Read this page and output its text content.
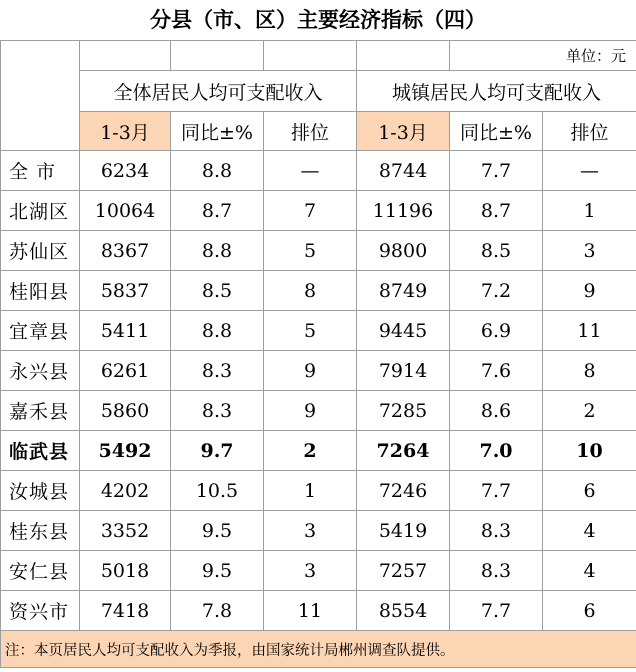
分县（市、区）主要经济指标（四）
					单位：元	
	全体居民人均可支配收入			城镇居民人均可支配收入		
	1-3月	同比±%	排位	1-3月	同比±%	排位
全 市	6234	8.8	—	8744	7.7	—
北湖区	10064	8.7	7	11196	8.7	1
苏仙区	8367	8.8	5	9800	8.5	3
桂阳县	5837	8.5	8	8749	7.2	9
宜章县	5411	8.8	5	9445	6.9	11
永兴县	6261	8.3	9	7914	7.6	8
嘉禾县	5860	8.3	9	7285	8.6	2
临武县	5492	9.7	2	7264	7.0	10
汝城县	4202	10.5	1	7246	7.7	6
桂东县	3352	9.5	3	5419	8.3	4
安仁县	5018	9.5	3	7257	8.3	4
资兴市	7418	7.8	11	8554	7.7	6
注：本页居民人均可支配收入为季报，由国家统计局郴州调查队提供。						
